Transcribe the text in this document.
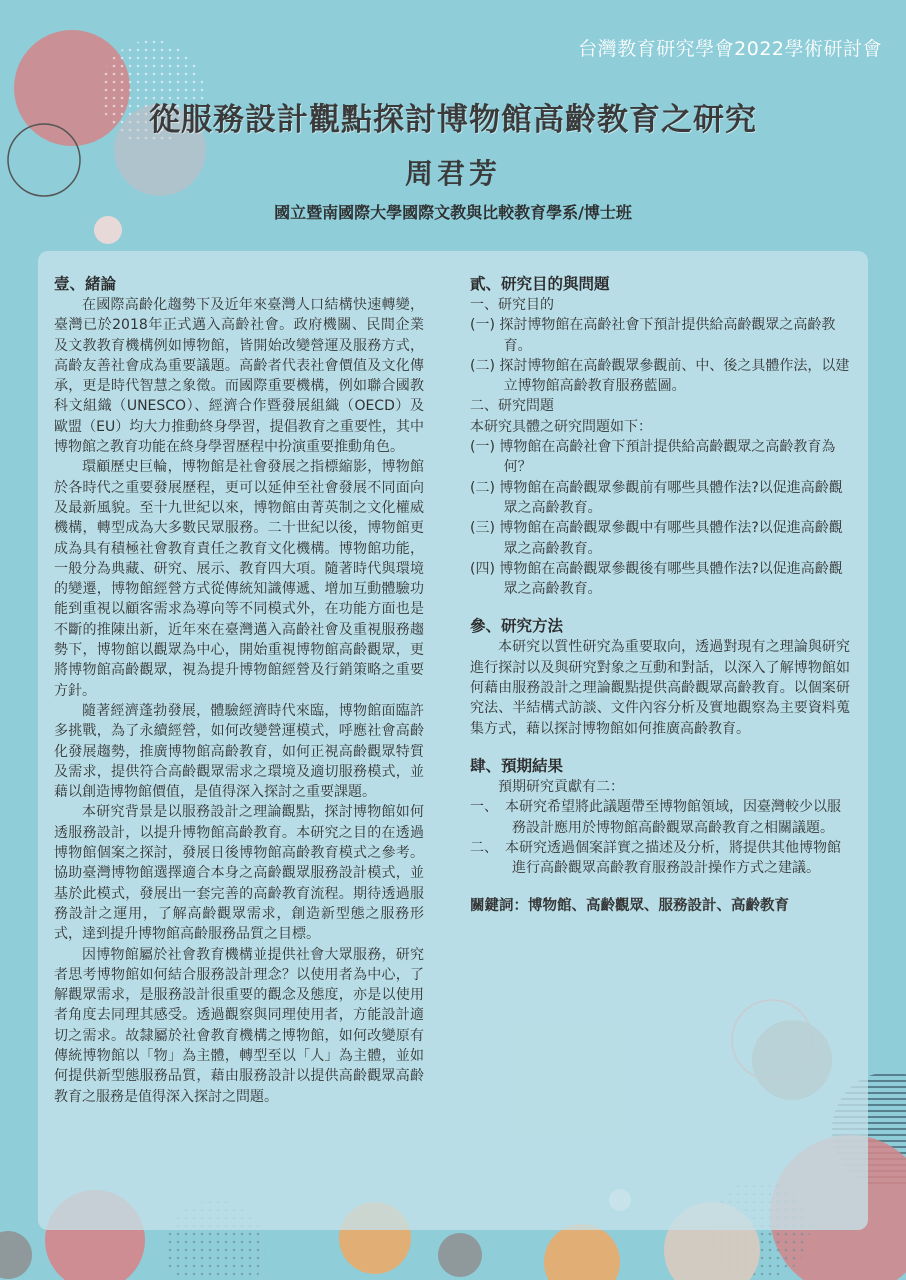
台灣教育研究學會2022學術研討會
從服務設計觀點探討博物館高齡教育之研究
周君芳
國立暨南國際大學國際文教與比較教育學系/博士班

壹、緒論

在國際高齡化趨勢下及近年來臺灣人口結構快速轉變，臺灣已於2018年正式邁入高齡社會。政府機關、民間企業及文教教育機構例如博物館，皆開始改變營運及服務方式，高齡友善社會成為重要議題。高齡者代表社會價值及文化傳承，更是時代智慧之象徵。而國際重要機構，例如聯合國教科文組織（UNESCO）、經濟合作暨發展組織（OECD）及歐盟（EU）均大力推動終身學習，提倡教育之重要性，其中博物館之教育功能在終身學習歷程中扮演重要推動角色。

環顧歷史巨輪，博物館是社會發展之指標縮影，博物館於各時代之重要發展歷程，更可以延伸至社會發展不同面向及最新風貌。至十九世紀以來，博物館由菁英制之文化權威機構，轉型成為大多數民眾服務。二十世紀以後，博物館更成為具有積極社會教育責任之教育文化機構。博物館功能，一般分為典藏、研究、展示、教育四大項。隨著時代與環境的變遷，博物館經營方式從傳統知識傳遞、增加互動體驗功能到重視以顧客需求為導向等不同模式外，在功能方面也是不斷的推陳出新，近年來在臺灣邁入高齡社會及重視服務趨勢下，博物館以觀眾為中心，開始重視博物館高齡觀眾，更將博物館高齡觀眾，視為提升博物館經營及行銷策略之重要方針。

隨著經濟蓬勃發展，體驗經濟時代來臨，博物館面臨許多挑戰，為了永續經營，如何改變營運模式，呼應社會高齡化發展趨勢，推廣博物館高齡教育，如何正視高齡觀眾特質及需求，提供符合高齡觀眾需求之環境及適切服務模式，並藉以創造博物館價值，是值得深入探討之重要課題。

本研究背景是以服務設計之理論觀點，探討博物館如何透服務設計，以提升博物館高齡教育。本研究之目的在透過博物館個案之探討，發展日後博物館高齡教育模式之參考。協助臺灣博物館選擇適合本身之高齡觀眾服務設計模式，並基於此模式，發展出一套完善的高齡教育流程。期待透過服務設計之運用，了解高齡觀眾需求，創造新型態之服務形式，達到提升博物館高齡服務品質之目標。

因博物館屬於社會教育機構並提供社會大眾服務，研究者思考博物館如何結合服務設計理念？以使用者為中心，了解觀眾需求，是服務設計很重要的觀念及態度，亦是以使用者角度去同理其感受。透過觀察與同理使用者，方能設計適切之需求。故隸屬於社會教育機構之博物館，如何改變原有傳統博物館以「物」為主體，轉型至以「人」為主體，並如何提供新型態服務品質，藉由服務設計以提供高齡觀眾高齡教育之服務是值得深入探討之問題。

貳、研究目的與問題

一、研究目的

(一) 探討博物館在高齡社會下預計提供給高齡觀眾之高齡教育。

(二) 探討博物館在高齡觀眾參觀前、中、後之具體作法，以建立博物館高齡教育服務藍圖。

二、研究問題

本研究具體之研究問題如下：

(一) 博物館在高齡社會下預計提供給高齡觀眾之高齡教育為何？

(二) 博物館在高齡觀眾參觀前有哪些具體作法?以促進高齡觀眾之高齡教育。

(三) 博物館在高齡觀眾參觀中有哪些具體作法?以促進高齡觀眾之高齡教育。

(四) 博物館在高齡觀眾參觀後有哪些具體作法?以促進高齡觀眾之高齡教育。

參、研究方法

本研究以質性研究為重要取向，透過對現有之理論與研究進行探討以及與研究對象之互動和對話，以深入了解博物館如何藉由服務設計之理論觀點提供高齡觀眾高齡教育。以個案研究法、半結構式訪談、文件內容分析及實地觀察為主要資料蒐集方式，藉以探討博物館如何推廣高齡教育。

肆、預期結果

預期研究貢獻有二：

一、　本研究希望將此議題帶至博物館領域，因臺灣較少以服務設計應用於博物館高齡觀眾高齡教育之相關議題。

二、　本研究透過個案詳實之描述及分析，將提供其他博物館進行高齡觀眾高齡教育服務設計操作方式之建議。

關鍵詞：博物館、高齡觀眾、服務設計、高齡教育
